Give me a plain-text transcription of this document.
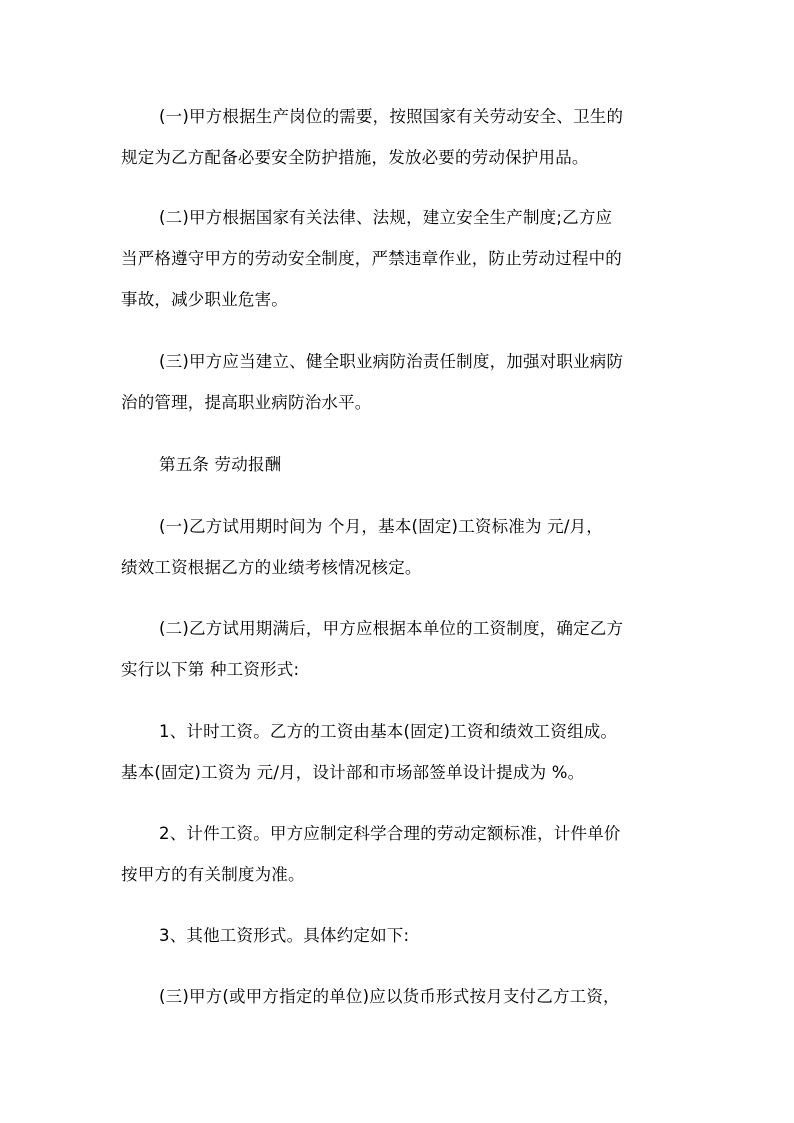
(一)甲方根据生产岗位的需要，按照国家有关劳动安全、卫生的
规定为乙方配备必要安全防护措施，发放必要的劳动保护用品。
(二)甲方根据国家有关法律、法规，建立安全生产制度;乙方应
当严格遵守甲方的劳动安全制度，严禁违章作业，防止劳动过程中的
事故，减少职业危害。
(三)甲方应当建立、健全职业病防治责任制度，加强对职业病防
治的管理，提高职业病防治水平。
第五条 劳动报酬
(一)乙方试用期时间为 个月，基本(固定)工资标准为 元/月，
绩效工资根据乙方的业绩考核情况核定。
(二)乙方试用期满后，甲方应根据本单位的工资制度，确定乙方
实行以下第 种工资形式:
1、计时工资。乙方的工资由基本(固定)工资和绩效工资组成。
基本(固定)工资为 元/月，设计部和市场部签单设计提成为 %。
2、计件工资。甲方应制定科学合理的劳动定额标准，计件单价
按甲方的有关制度为准。
3、其他工资形式。具体约定如下:
(三)甲方(或甲方指定的单位)应以货币形式按月支付乙方工资，
